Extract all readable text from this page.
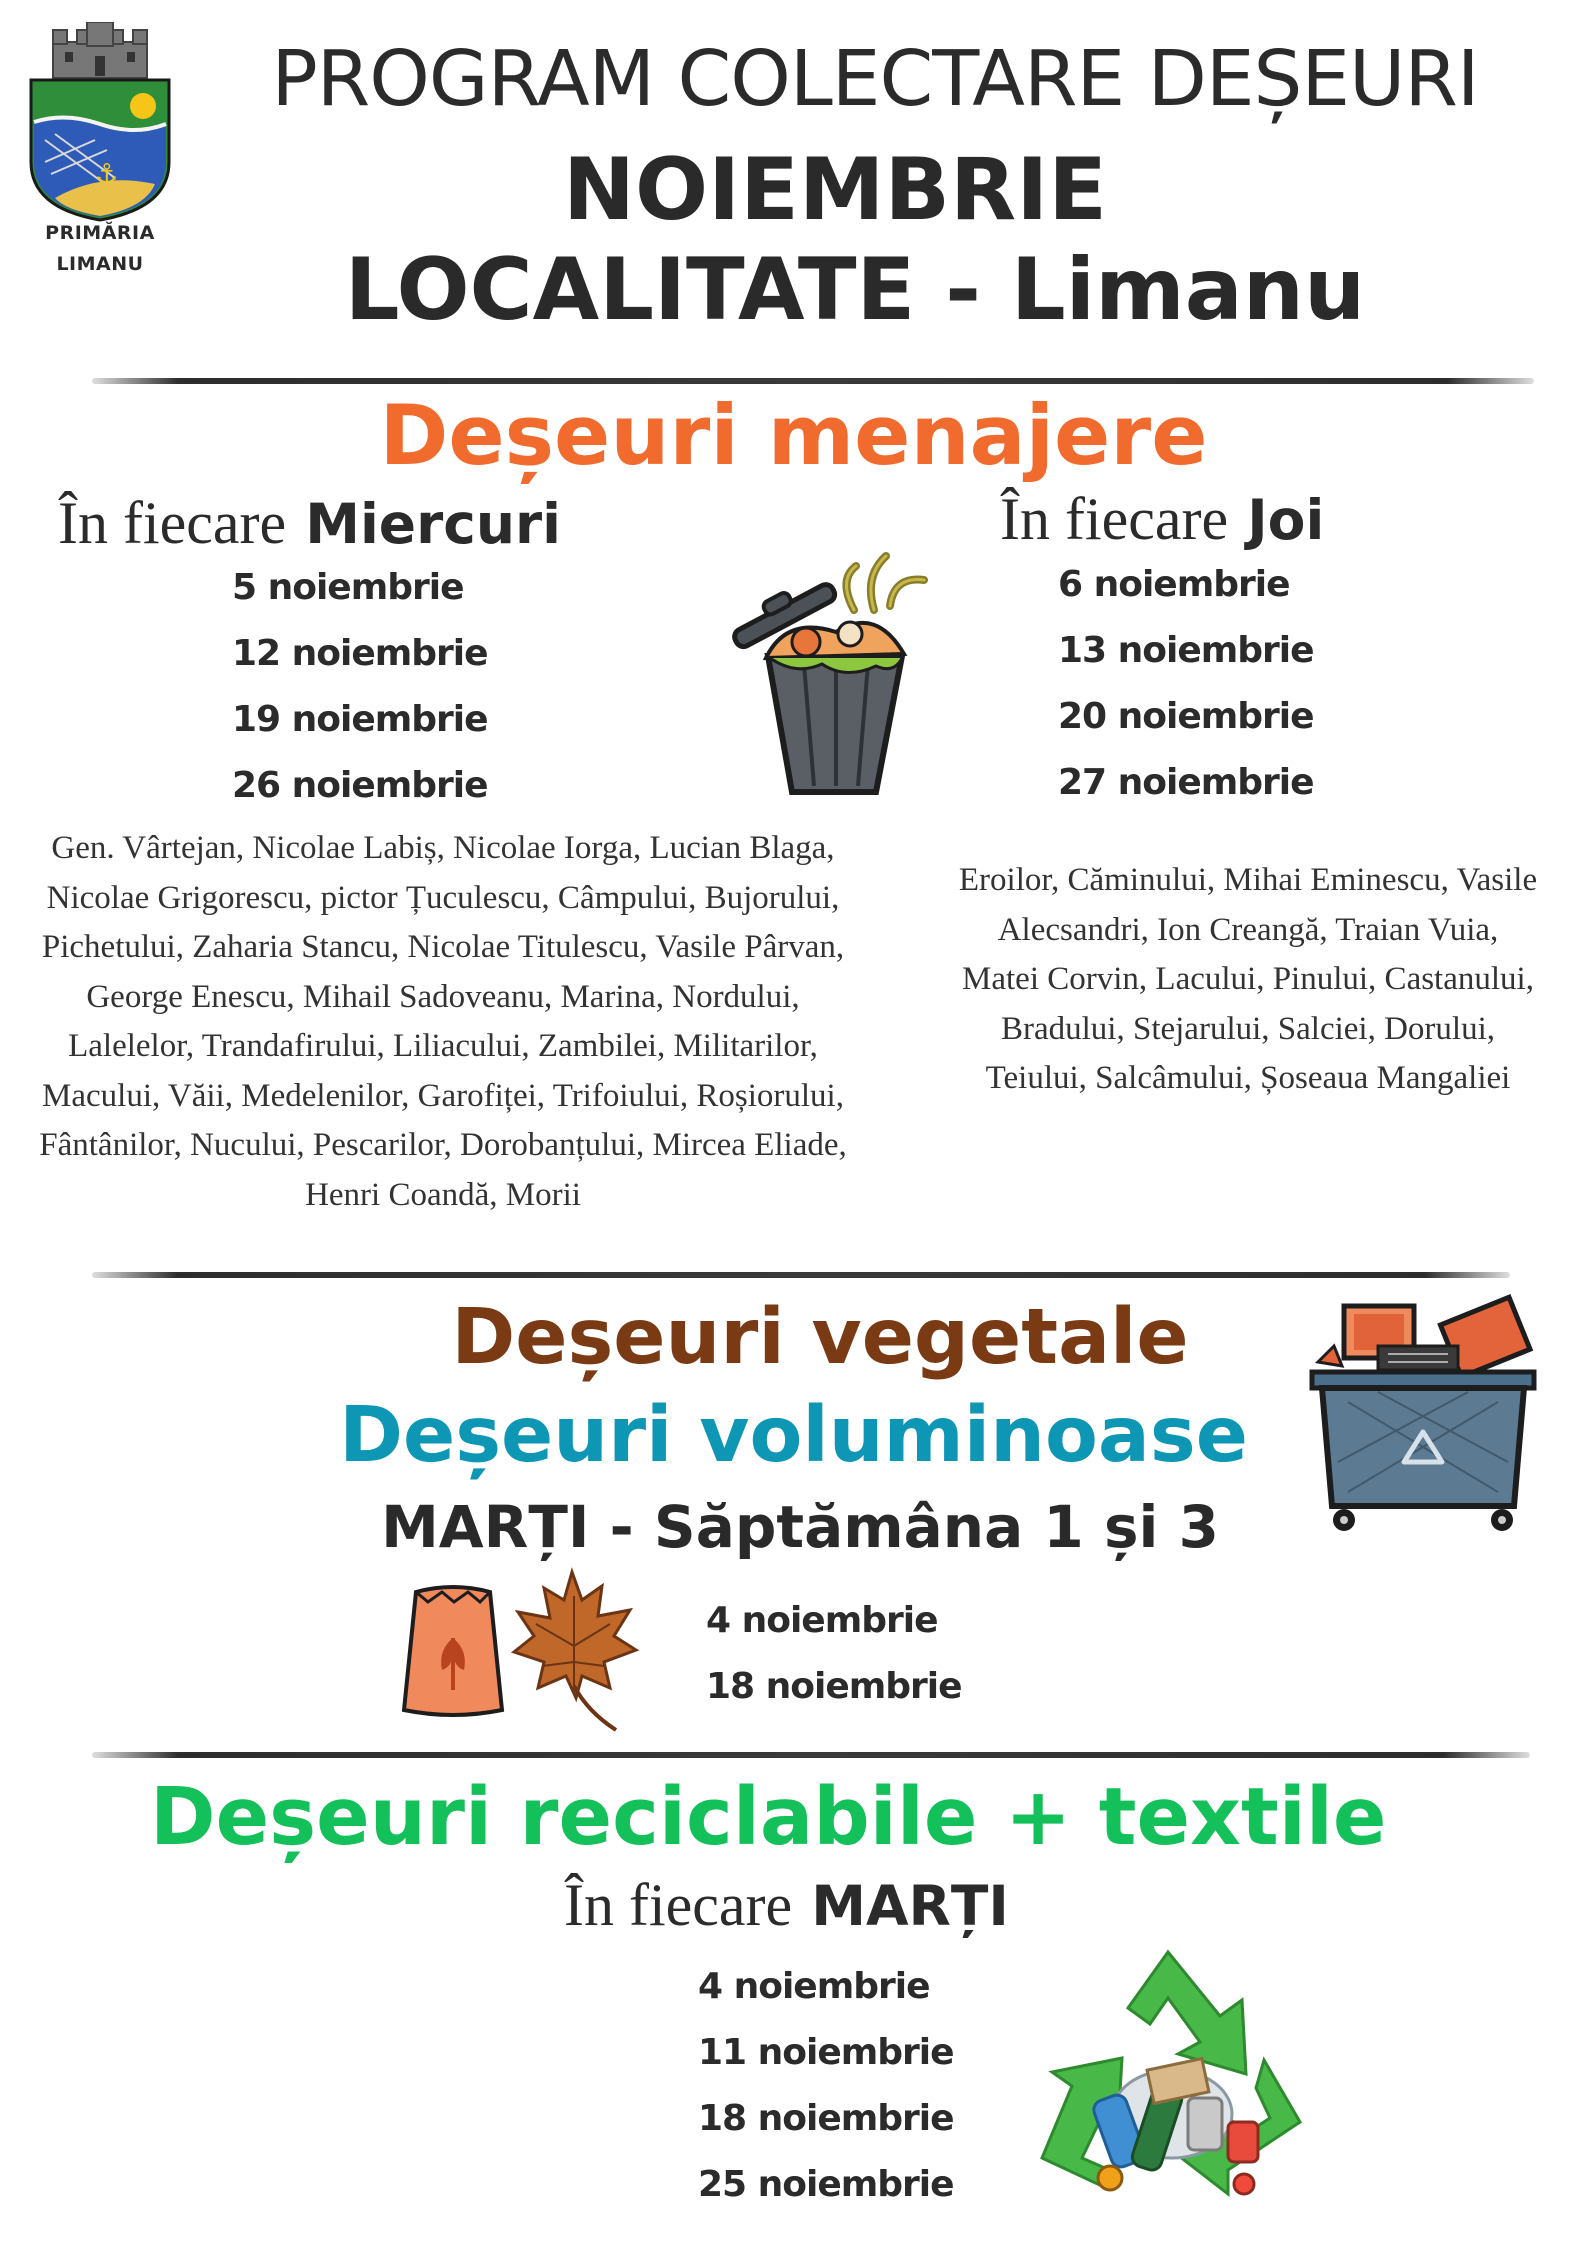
⚓
PRIMĂRIA LIMANU
PROGRAM COLECTARE DEȘEURI
NOIEMBRIE
LOCALITATE - Limanu
Deșeuri menajere
În fiecare Miercuri
5 noiembrie
12 noiembrie
19 noiembrie
26 noiembrie
Gen. Vârtejan, Nicolae Labiș, Nicolae Iorga, Lucian Blaga, Nicolae Grigorescu, pictor Țuculescu, Câmpului, Bujorului, Pichetului, Zaharia Stancu, Nicolae Titulescu, Vasile Pârvan, George Enescu, Mihail Sadoveanu, Marina, Nordului, Lalelelor, Trandafirului, Liliacului, Zambilei, Militarilor, Macului, Văii, Medelenilor, Garofiței, Trifoiului, Roșiorului, Fântânilor, Nucului, Pescarilor, Dorobanțului, Mircea Eliade, Henri Coandă, Morii
În fiecare Joi
6 noiembrie
13 noiembrie
20 noiembrie
27 noiembrie
Eroilor, Căminului, Mihai Eminescu, Vasile Alecsandri, Ion Creangă, Traian Vuia, Matei Corvin, Lacului, Pinului, Castanului, Bradului, Stejarului, Salciei, Dorului, Teiului, Salcâmului, Șoseaua Mangaliei
Deșeuri vegetale
Deșeuri voluminoase
MARȚI - Săptămâna 1 și 3
4 noiembrie
18 noiembrie
Deșeuri reciclabile + textile
În fiecare MARȚI
4 noiembrie
11 noiembrie
18 noiembrie
25 noiembrie
